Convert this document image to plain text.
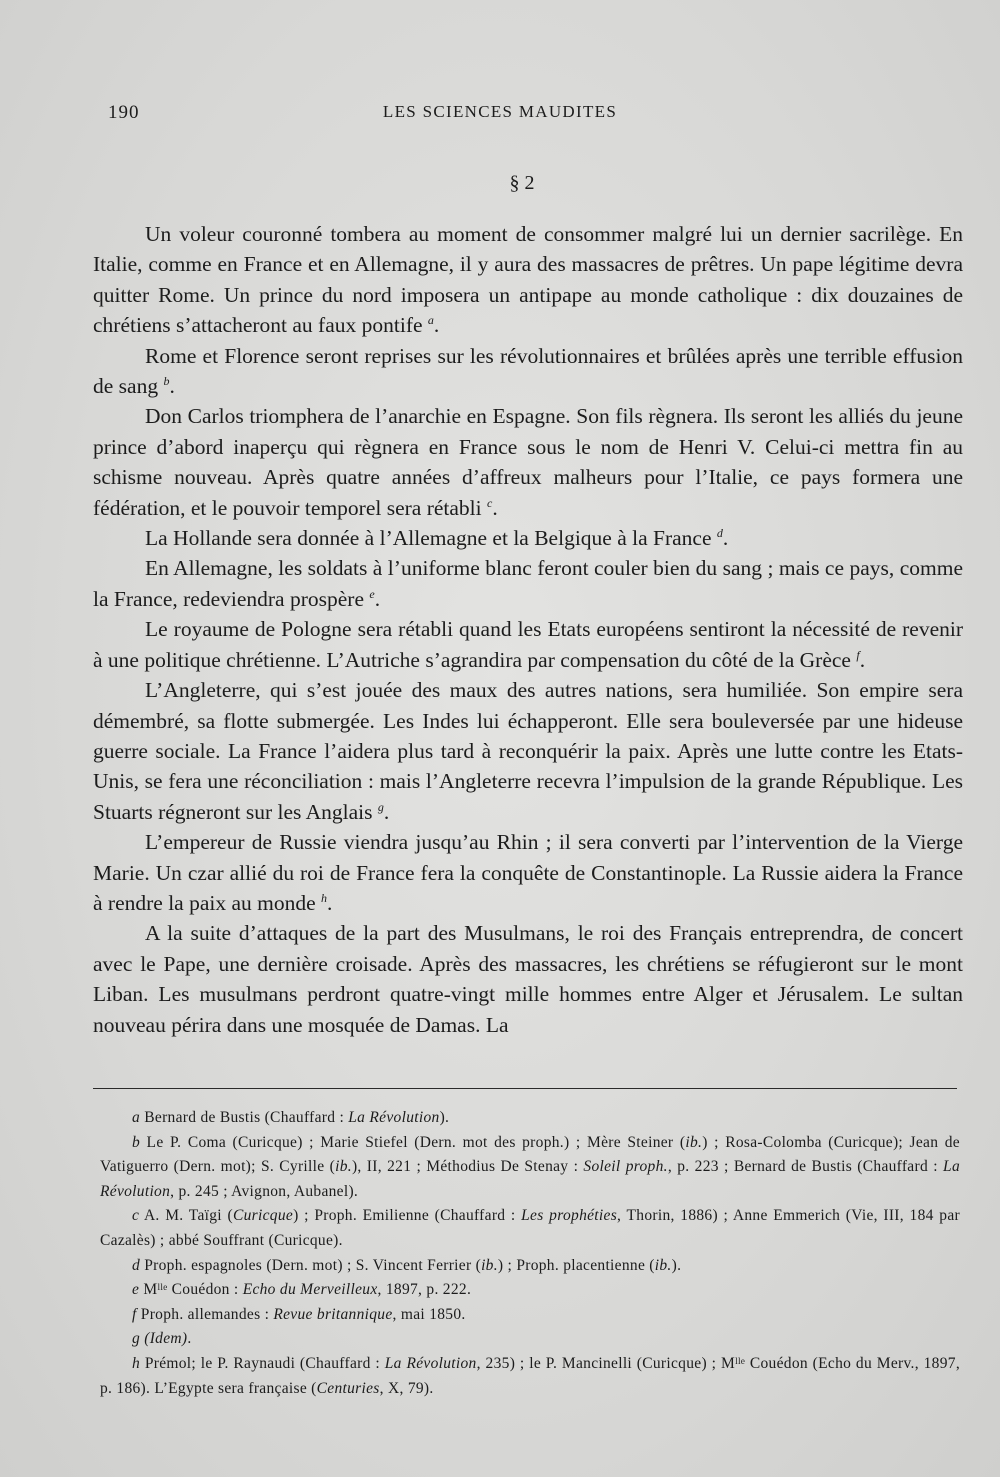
190	LES SCIENCES MAUDITES
§ 2

Un voleur couronné tombera au moment de consommer malgré lui un dernier sacrilège. En Italie, comme en France et en Allemagne, il y aura des massacres de prêtres. Un pape légitime devra quitter Rome. Un prince du nord imposera un antipape au monde catholique : dix douzaines de chrétiens s’attacheront au faux pontife $^a$.

Rome et Florence seront reprises sur les révolutionnaires et brûlées après une terrible effusion de sang $^b$.

Don Carlos triomphera de l’anarchie en Espagne. Son fils règnera. Ils seront les alliés du jeune prince d’abord inaperçu qui règnera en France sous le nom de Henri V. Celui-ci mettra fin au schisme nouveau. Après quatre années d’affreux malheurs pour l’Italie, ce pays formera une fédération, et le pouvoir temporel sera rétabli $^c$.

La Hollande sera donnée à l’Allemagne et la Belgique à la France $^d$.

En Allemagne, les soldats à l’uniforme blanc feront couler bien du sang ; mais ce pays, comme la France, redeviendra prospère $^e$.

Le royaume de Pologne sera rétabli quand les Etats européens sentiront la nécessité de revenir à une politique chrétienne. L’Autriche s’agrandira par compensation du côté de la Grèce $^f$.

L’Angleterre, qui s’est jouée des maux des autres nations, sera humiliée. Son empire sera démembré, sa flotte submergée. Les Indes lui échapperont. Elle sera bouleversée par une hideuse guerre sociale. La France l’aidera plus tard à reconquérir la paix. Après une lutte contre les Etats-Unis, se fera une réconciliation : mais l’Angleterre recevra l’impulsion de la grande République. Les Stuarts régneront sur les Anglais $^g$.

L’empereur de Russie viendra jusqu’au Rhin ; il sera converti par l’intervention de la Vierge Marie. Un czar allié du roi de France fera la conquête de Constantinople. La Russie aidera la France à rendre la paix au monde $^h$.

A la suite d’attaques de la part des Musulmans, le roi des Français entreprendra, de concert avec le Pape, une dernière croisade. Après des massacres, les chrétiens se réfugieront sur le mont Liban. Les musulmans perdront quatre-vingt mille hommes entre Alger et Jérusalem. Le sultan nouveau périra dans une mosquée de Damas. La

a Bernard de Bustis (Chauffard : La Révolution).

b Le P. Coma (Curicque) ; Marie Stiefel (Dern. mot des proph.) ; Mère Steiner (ib.) ; Rosa-Colomba (Curicque); Jean de Vatiguerro (Dern. mot); S. Cyrille (ib.), II, 221 ; Méthodius De Stenay : Soleil proph., p. 223 ; Bernard de Bustis (Chauffard : La Révolution, p. 245 ; Avignon, Aubanel).

c A. M. Taïgi (Curicque) ; Proph. Emilienne (Chauffard : Les prophéties, Thorin, 1886) ; Anne Emmerich (Vie, III, 184 par Cazalès) ; abbé Souffrant (Curicque).

d Proph. espagnoles (Dern. mot) ; S. Vincent Ferrier (ib.) ; Proph. placentienne (ib.).

e Mˡˡᵉ Couédon : Echo du Merveilleux, 1897, p. 222.

f Proph. allemandes : Revue britannique, mai 1850.

g (Idem).

h Prémol; le P. Raynaudi (Chauffard : La Révolution, 235) ; le P. Mancinelli (Curicque) ; Mˡˡᵉ Couédon (Echo du Merv., 1897, p. 186). L’Egypte sera française (Centuries, X, 79).
